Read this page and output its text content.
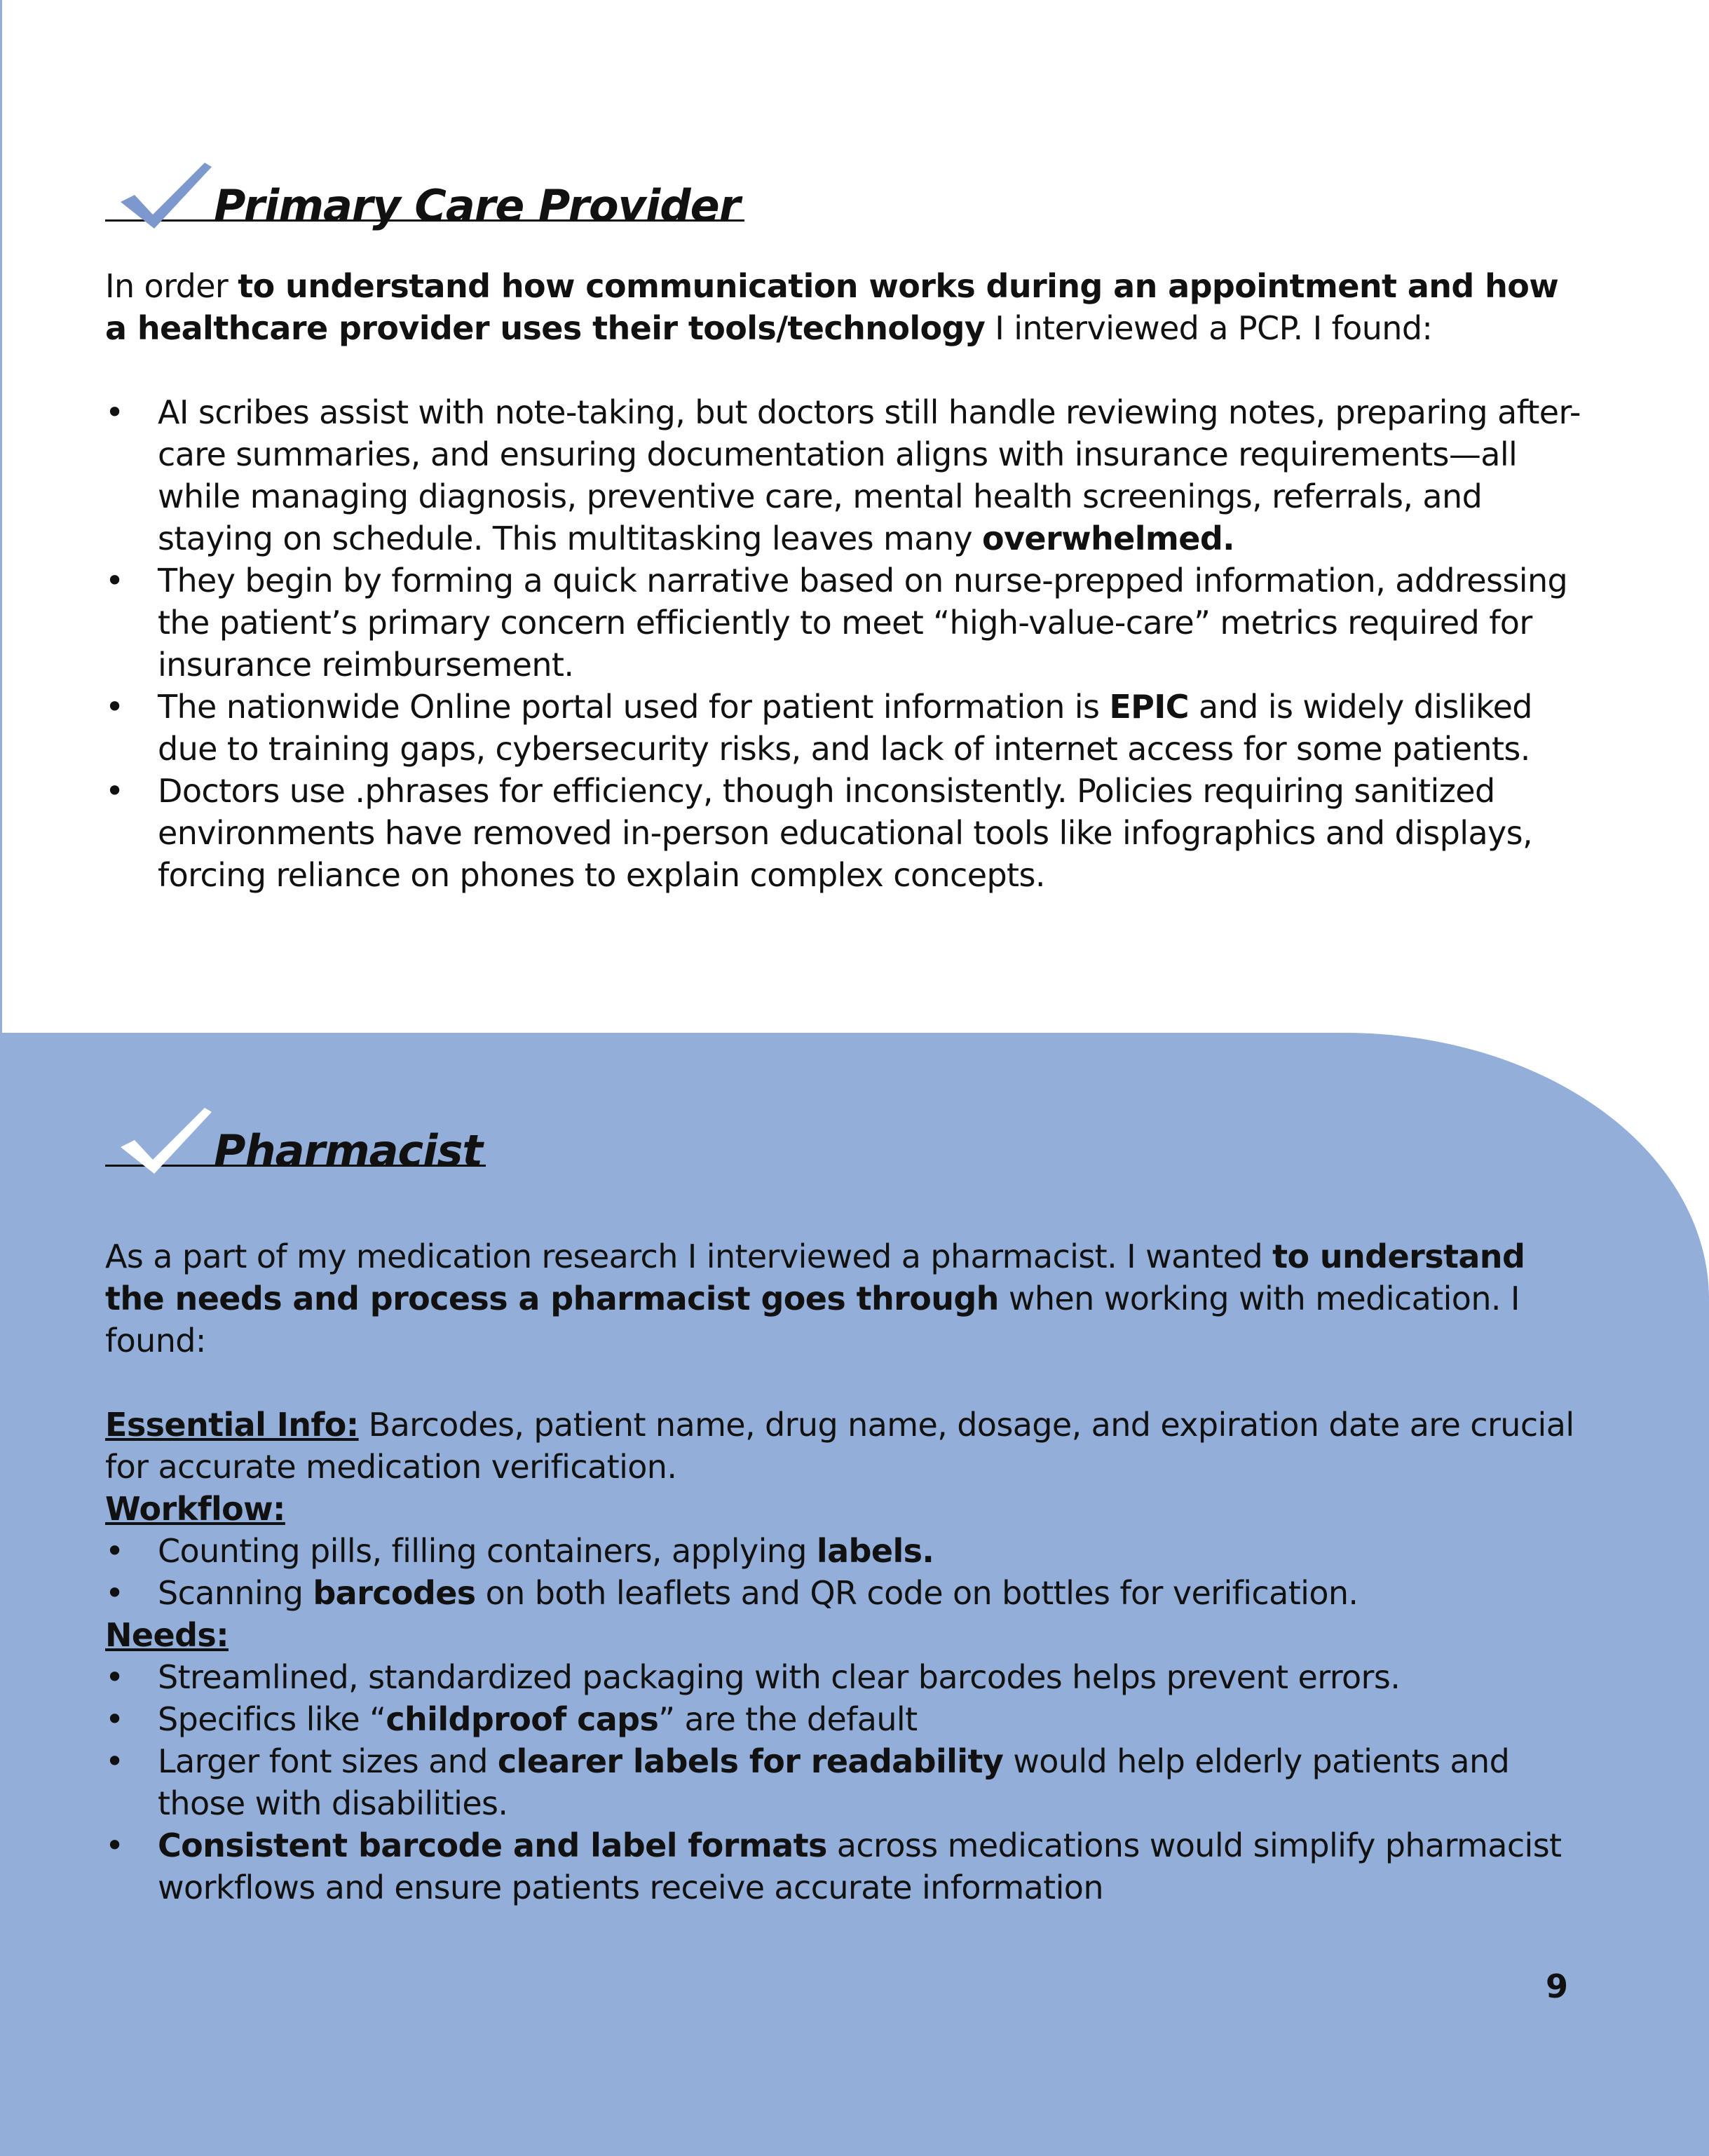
Primary Care Provider

In order to understand how communication works during an appointment and how a healthcare provider uses their tools/technology I interviewed a PCP. I found:

• AI scribes assist with note-taking, but doctors still handle reviewing notes, preparing after-care summaries, and ensuring documentation aligns with insurance requirements—all while managing diagnosis, preventive care, mental health screenings, referrals, and staying on schedule. This multitasking leaves many overwhelmed.
• They begin by forming a quick narrative based on nurse-prepped information, addressing the patient’s primary concern efficiently to meet “high-value-care” metrics required for insurance reimbursement.
• The nationwide Online portal used for patient information is EPIC and is widely disliked due to training gaps, cybersecurity risks, and lack of internet access for some patients.
• Doctors use .phrases for efficiency, though inconsistently. Policies requiring sanitized environments have removed in-person educational tools like infographics and displays, forcing reliance on phones to explain complex concepts.
Pharmacist

As a part of my medication research I interviewed a pharmacist. I wanted to understand the needs and process a pharmacist goes through when working with medication. I found:

Essential Info: Barcodes, patient name, drug name, dosage, and expiration date are crucial for accurate medication verification.

Workflow:

• Counting pills, filling containers, applying labels.
• Scanning barcodes on both leaflets and QR code on bottles for verification.

Needs:

• Streamlined, standardized packaging with clear barcodes helps prevent errors.
• Specifics like “childproof caps” are the default
• Larger font sizes and clearer labels for readability would help elderly patients and those with disabilities.
• Consistent barcode and label formats across medications would simplify pharmacist workflows and ensure patients receive accurate information
9
